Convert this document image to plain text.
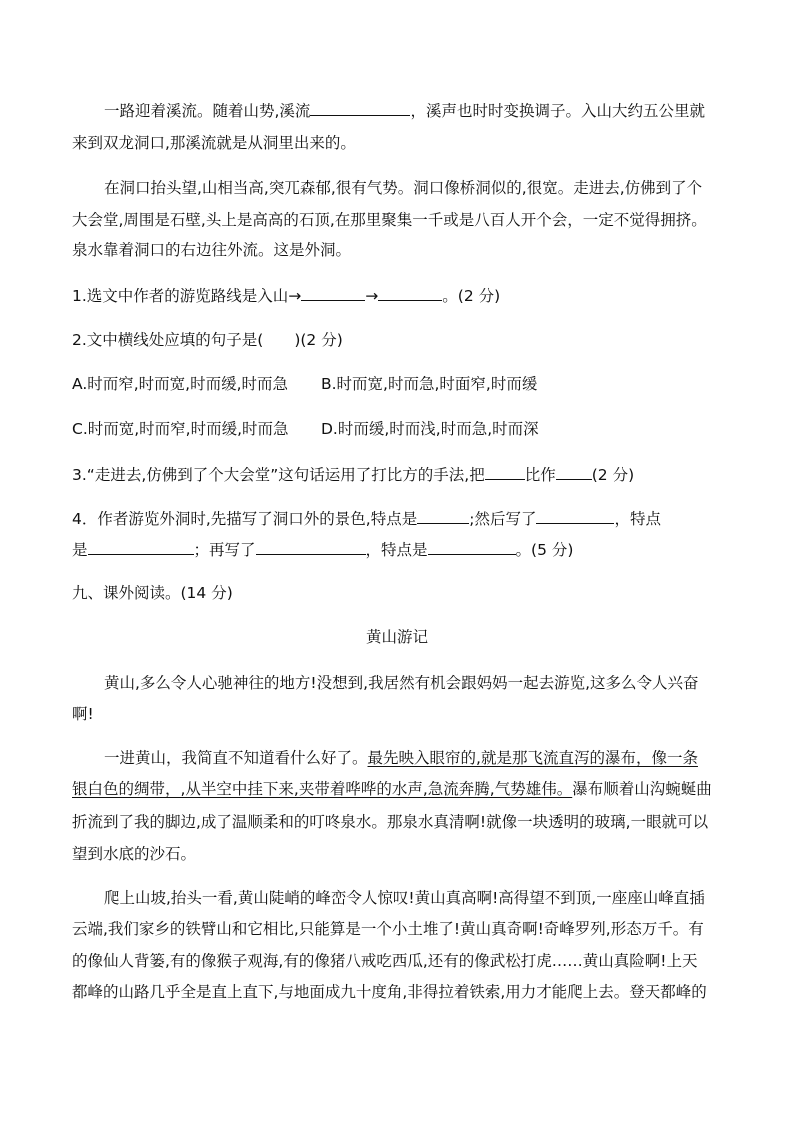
一路迎着溪流。随着山势,溪流	，溪声也时时变换调子。入山大约五公里就
来到双龙洞口,那溪流就是从洞里出来的。
在洞口抬头望,山相当高,突兀森郁,很有气势。洞口像桥洞似的,很宽。走进去,仿佛到了个
大会堂,周围是石壁,头上是高高的石顶,在那里聚集一千或是八百人开个会，一定不觉得拥挤。
泉水靠着洞口的右边往外流。这是外洞。
1.选文中作者的游览路线是入山→	→	。(2 分)
2.文中横线处应填的句子是(　　)(2 分)
A.时而窄,时而宽,时而缓,时而急 B.时而宽,时而急,时面窄,时而缓
C.时而宽,时而窄,时而缓,时而急 D.时而缓,时而浅,时而急,时而深
3.“走进去,仿佛到了个大会堂”这句话运用了打比方的手法,把	比作 (2 分)
4．作者游览外洞时,先描写了洞口外的景色,特点是	;然后写了	，特点
是	；再写了	，特点是	。(5 分)
九、课外阅读。(14 分)
黄山游记
黄山,多么令人心驰神往的地方!没想到,我居然有机会跟妈妈一起去游览,这多么令人兴奋
啊!
一进黄山，我简直不知道看什么好了。最先映入眼帘的,就是那飞流直泻的瀑布，像一条
银白色的绸带，,从半空中挂下来,夹带着哗哗的水声,急流奔腾,气势雄伟。瀑布顺着山沟蜿蜒曲
折流到了我的脚边,成了温顺柔和的叮咚泉水。那泉水真清啊!就像一块透明的玻璃,一眼就可以
望到水底的沙石。
爬上山坡,抬头一看,黄山陡峭的峰峦令人惊叹!黄山真高啊!高得望不到顶,一座座山峰直插
云端,我们家乡的铁臂山和它相比,只能算是一个小土堆了!黄山真奇啊!奇峰罗列,形态万千。有
的像仙人背篓,有的像猴子观海,有的像猪八戒吃西瓜,还有的像武松打虎……黄山真险啊!上天
都峰的山路几乎全是直上直下,与地面成九十度角,非得拉着铁索,用力才能爬上去。登天都峰的
